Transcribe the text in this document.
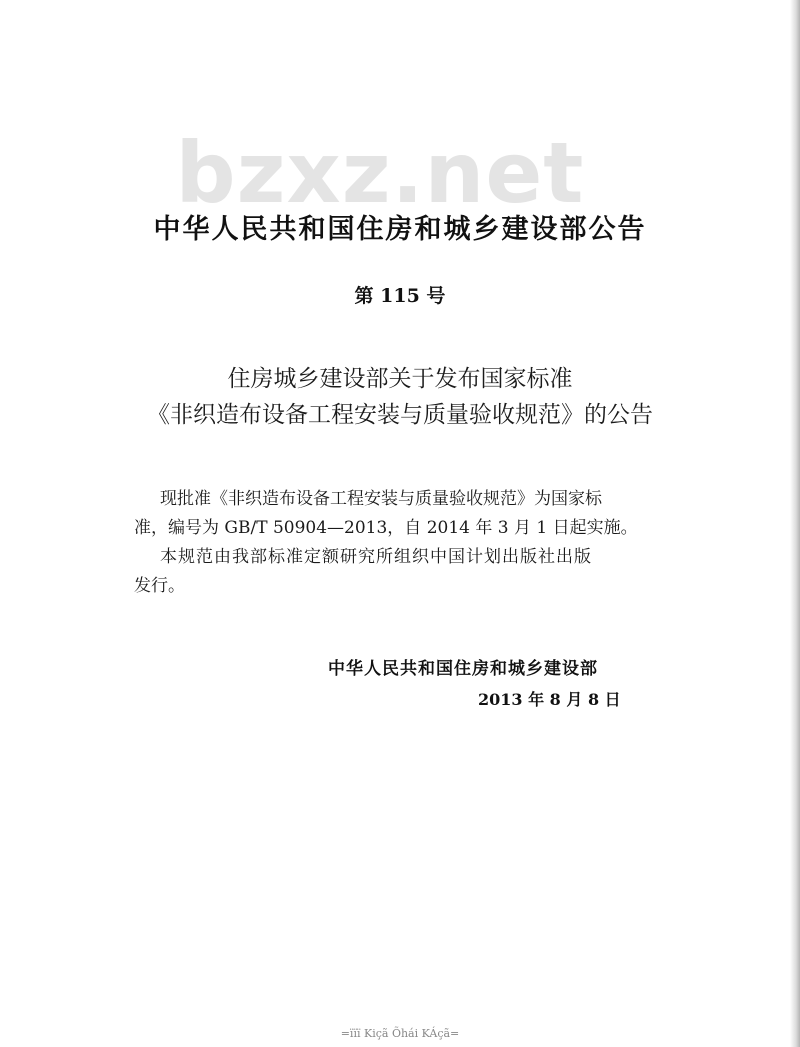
bzxz.net
中华人民共和国住房和城乡建设部公告
第 115 号
住房城乡建设部关于发布国家标准
《非织造布设备工程安装与质量验收规范》的公告
现批准《非织造布设备工程安装与质量验收规范》为国家标
准，编号为 GB/T 50904—2013，自 2014 年 3 月 1 日起实施。
本规范由我部标准定额研究所组织中国计划出版社出版
发行。
中华人民共和国住房和城乡建设部
2013 年 8 月 8 日
=ïïï Kiçã Õhái KÁçã=
